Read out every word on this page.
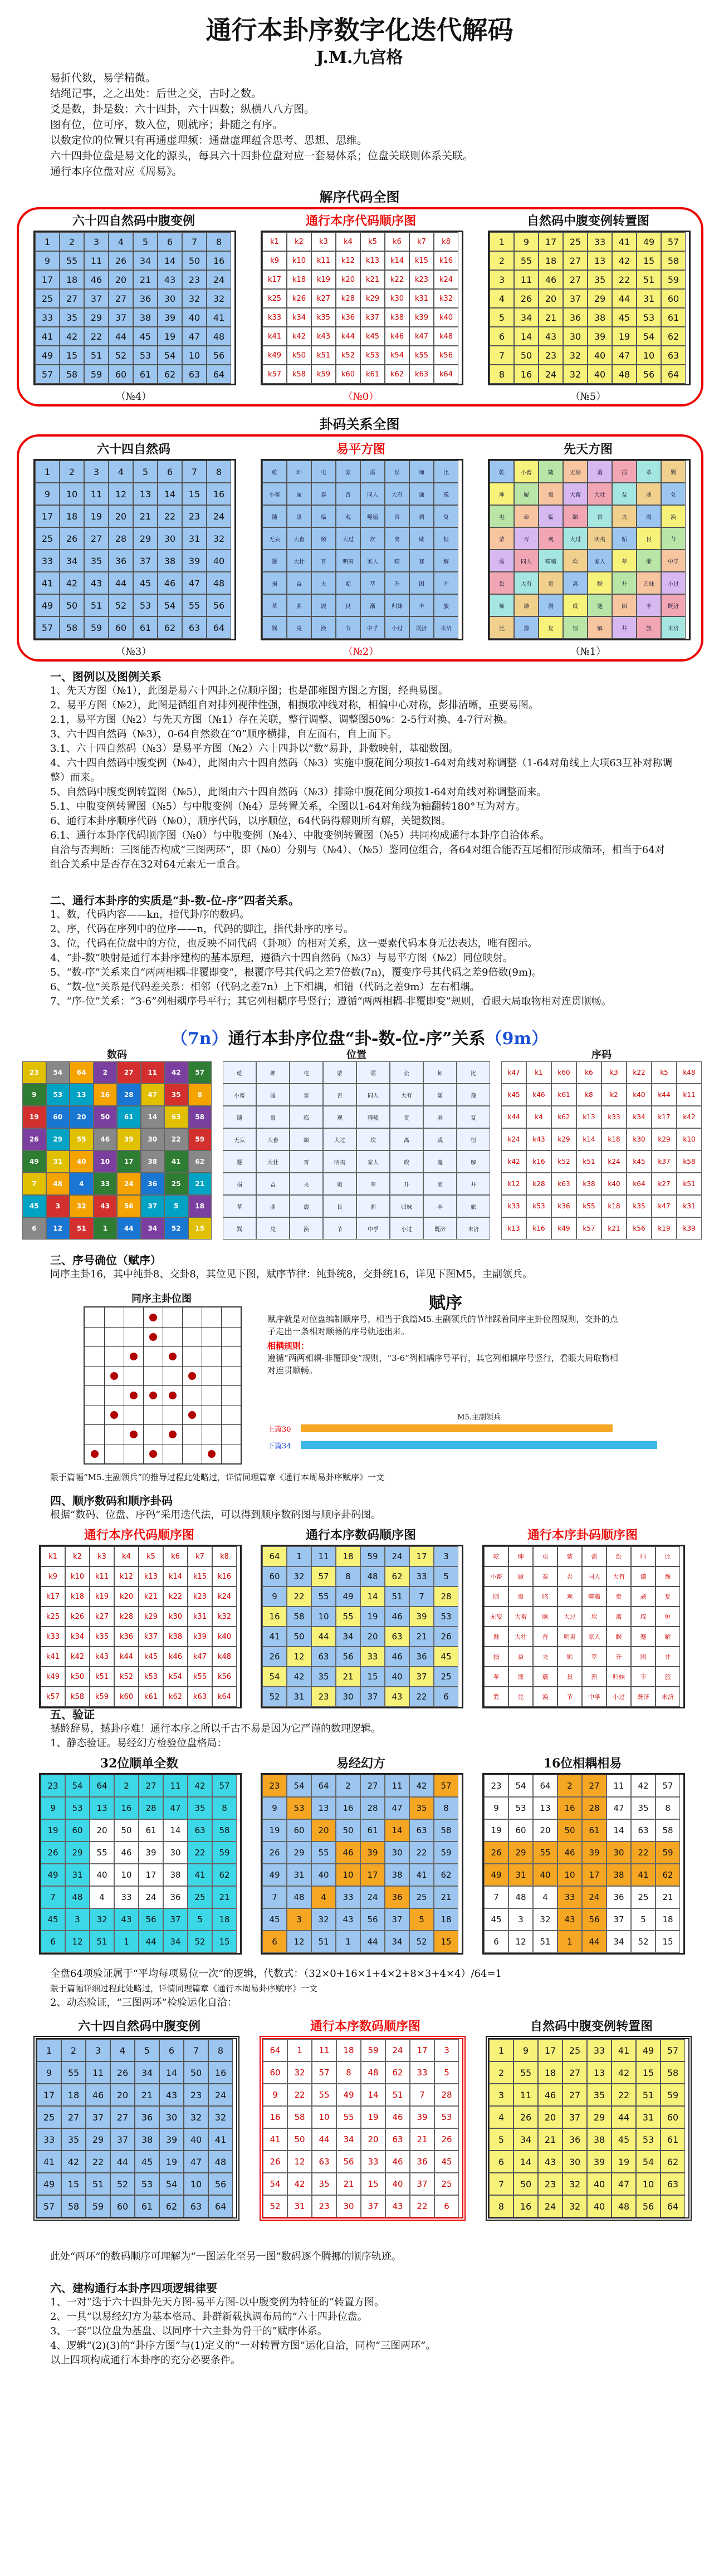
通行本卦序数字化迭代解码
J.M.九宫格

易折代数，易学精微。

结绳记事，之之出处：后世之交，古时之数。

爻是数，卦是数：六十四卦，六十四数；纵横八八方图。

图有位，位可序，数入位，则就序；卦随之有序。

以数定位的位置只有再通虚理频：通盘虚理蕴含思考、思想、思维。

六十四卦位盘是易文化的源头，每具六十四卦位盘对应一套易体系；位盘关联则体系关联。

通行本序位盘对应《周易》。

解序代码全图
六十四自然码中腹变例
1	2	3	4	5	6	7	8
9	55	11	26	34	14	50	16
17	18	46	20	21	43	23	24
25	27	37	27	36	30	32	32
33	35	29	37	38	39	40	41
41	42	22	44	45	19	47	48
49	15	51	52	53	54	10	56
57	58	59	60	61	62	63	64
（№4）
通行本序代码顺序图
k1	k2	k3	k4	k5	k6	k7	k8
k9	k10	k11	k12	k13	k14	k15	k16
k17	k18	k19	k20	k21	k22	k23	k24
k25	k26	k27	k28	k29	k30	k31	k32
k33	k34	k35	k36	k37	k38	k39	k40
k41	k42	k43	k44	k45	k46	k47	k48
k49	k50	k51	k52	k53	k54	k55	k56
k57	k58	k59	k60	k61	k62	k63	k64
（№0）
自然码中腹变例转置图
1	9	17	25	33	41	49	57
2	55	18	27	13	42	15	58
3	11	46	27	35	22	51	59
4	26	20	37	29	44	31	60
5	34	21	36	38	45	53	61
6	14	43	30	39	19	54	62
7	50	23	32	40	47	10	63
8	16	24	32	40	48	56	64
（№5）
卦码关系全图
六十四自然码
1	2	3	4	5	6	7	8
9	10	11	12	13	14	15	16
17	18	19	20	21	22	23	24
25	26	27	28	29	30	31	32
33	34	35	36	37	38	39	40
41	42	43	44	45	46	47	48
49	50	51	52	53	54	55	56
57	58	59	60	61	62	63	64
（№3）
易平方图
乾	坤	屯	蒙	需	讼	师	比
小畜	履	泰	否	同人	大有	谦	豫
随	蛊	临	观	噬嗑	贲	剥	复
无妄	大畜	颐	大过	坎	离	咸	恒
遯	大壮	晋	明夷	家人	睽	蹇	解
损	益	夬	姤	萃	升	困	井
革	鼎	震	艮	渐	归妹	丰	旅
巽	兑	涣	节	中孚	小过	既济	未济
（№2）
先天方图
乾	小畜	随	无妄	遯	损	革	巽
坤	履	蛊	大畜	大壮	益	鼎	兑
屯	泰	临	颐	晋	夬	震	涣
蒙	否	观	大过	明夷	姤	艮	节
需	同人	噬嗑	坎	家人	萃	渐	中孚
讼	大有	贲	离	睽	升	归妹	小过
师	谦	剥	咸	蹇	困	丰	既济
比	豫	复	恒	解	井	旅	未济
（№1）

一、图例以及图例关系

1、先天方图（№1），此图是易六十四卦之位顺序图；也是邵雍图方图之方图，经典易图。

2、易平方图（№2），此图是循组自对排列视律性强，相损歌冲线对称，相偏中心对称，彭排清晰，重要易图。

2.1，易平方图（№2）与先天方图（№1）存在关联，整行调整、调整图50%：2-5行对换、4-7行对换。

3、六十四自然码（№3），0-64自然数在“0”顺序横排，自左而右，自上而下。

3.1、六十四自然码（№3）是易平方图（№2）六十四卦以“数”易卦，卦数映射，基础数图。

4、六十四自然码中腹变例（№4），此图由六十四自然码（№3）实施中腹花间分项按1-64对角线对称调整（1-64对角线上大项63互补对称调整）而来。

5、自然码中腹变例转置图（№5），此图由六十四自然码（№3）排除中腹花间分项按1-64对角线对称调整而来。

5.1、中腹变例转置图（№5）与中腹变例（№4）是转置关系，全图以1-64对角线为轴翻转180°互为对方。

6、通行本卦序顺序代码（№0），顺序代码，以序顺位，64代码得解则所有解，关键数图。

6.1、通行本卦序代码顺序图（№0）与中腹变例（№4）、中腹变例转置图（№5）共同构成通行本卦序自洽体系。

自洽与否判断：三图能否构成“三图两环”，即（№0）分别与（№4）、（№5）鉴同位组合，各64对组合能否互尾相衔形成循环，相当于64对组合关系中是否存在32对64元素无一重合。

二、通行本卦序的实质是“卦-数-位-序”四者关系。

1、数，代码内容——kn，指代卦序的数码。

2、序，代码在序列中的位序——n，代码的脚注，指代卦序的序号。

3、位，代码在位盘中的方位，也反映不同代码（卦项）的相对关系，这一要素代码本身无法表达，唯有图示。

4、“卦-数”映射是通行本卦序建构的基本原理，遵循六十四自然码（№3）与易平方图（№2）同位映射。

5、“数-序”关系来自“两两相耦-非覆即变”，根覆序号其代码之差7倍数(7n)，覆变序号其代码之差9倍数(9m)。

6、“数-位”关系是代码差关系：相邻（代码之差7n）上下相耦，相错（代码之差9m）左右相耦。

7、“序-位”关系：“3-6”列相耦序号平行；其它列相耦序号竖行；遵循“两两相耦-非覆即变”规则，看眼大局取物相对连贯顺畅。

（7n）通行本卦序位盘“卦-数-位-序”关系（9m）
数码	位置	序码
23	54	64	2	27	11	42	57
9	53	13	16	28	47	35	8
19	60	20	50	61	14	63	58
26	29	55	46	39	30	22	59
49	31	40	10	17	38	41	62
7	48	4	33	24	36	25	21
45	3	32	43	56	37	5	18
6	12	51	1	44	34	52	15
乾	坤	屯	蒙	需	讼	师	比
小畜	履	泰	否	同人	大有	谦	豫
随	蛊	临	观	噬嗑	贲	剥	复
无妄	大畜	颐	大过	坎	离	咸	恒
遯	大壮	晋	明夷	家人	睽	蹇	解
损	益	夬	姤	萃	升	困	井
革	鼎	震	艮	渐	归妹	丰	旅
巽	兑	涣	节	中孚	小过	既济	未济
k47	k1	k60	k6	k3	k22	k5	k48
k45	k46	k61	k8	k2	k40	k44	k11
k44	k4	k62	k13	k33	k34	k17	k42
k24	k43	k29	k14	k18	k30	k29	k10
k42	k16	k52	k51	k24	k45	k37	k58
k12	k28	k63	k38	k40	k64	k27	k51
k33	k53	k36	k55	k18	k35	k47	k31
k13	k16	k49	k57	k21	k56	k19	k39

三、序号确位（赋序）

同序主卦16，其中纯卦8、交卦8，其位见下图，赋序节律：纯卦统8，交卦统16，详见下图M5，主副领兵。

同序主卦位图	赋序

赋序就是对位盘编制顺序号，相当于我篇M5.主副领兵的节律踩着同序主卦位图规则，交卦的点子走出一条相对顺畅的序号轨迹出来。

相耦规则：

遵循“两两相耦-非覆即变”规则，“3-6”列相耦序号平行，其它列相耦序号竖行，看眼大局取物相对连贯顺畅。

M5.主副领兵
上篇30
下篇34

限于篇幅“M5.主副领兵”的推导过程此处略过，详情同理篇章《通行本周易卦序赋序》一文

四、顺序数码和顺序卦码

根据“数码、位盘、序码”采用迭代法，可以得到顺序数码图与顺序卦码图。

通行本序代码顺序图
k1	k2	k3	k4	k5	k6	k7	k8
k9	k10	k11	k12	k13	k14	k15	k16
k17	k18	k19	k20	k21	k22	k23	k24
k25	k26	k27	k28	k29	k30	k31	k32
k33	k34	k35	k36	k37	k38	k39	k40
k41	k42	k43	k44	k45	k46	k47	k48
k49	k50	k51	k52	k53	k54	k55	k56
k57	k58	k59	k60	k61	k62	k63	k64
通行本序数码顺序图
64	1	11	18	59	24	17	3
60	32	57	8	48	62	33	5
9	22	55	49	14	51	7	28
16	58	10	55	19	46	39	53
41	50	44	34	20	63	21	26
26	12	63	56	33	46	36	45
54	42	35	21	15	40	37	25
52	31	23	30	37	43	22	6
通行本序卦码顺序图
乾	坤	屯	蒙	需	讼	师	比
小畜	履	泰	否	同人	大有	谦	豫
随	蛊	临	观	噬嗑	贲	剥	复
无妄	大畜	颐	大过	坎	离	咸	恒
遯	大壮	晋	明夷	家人	睽	蹇	解
损	益	夬	姤	萃	升	困	井
革	鼎	震	艮	渐	归妹	丰	旅
巽	兑	涣	节	中孚	小过	既济	未济

五、验证

撼龄辞易，撼卦序难！通行本序之所以千古不易是因为它严谨的数理逻辑。

1、静态验证。易经幻方检验位盘格局：

32位顺单全数
23	54	64	2	27	11	42	57
9	53	13	16	28	47	35	8
19	60	20	50	61	14	63	58
26	29	55	46	39	30	22	59
49	31	40	10	17	38	41	62
7	48	4	33	24	36	25	21
45	3	32	43	56	37	5	18
6	12	51	1	44	34	52	15
易经幻方
23	54	64	2	27	11	42	57
9	53	13	16	28	47	35	8
19	60	20	50	61	14	63	58
26	29	55	46	39	30	22	59
49	31	40	10	17	38	41	62
7	48	4	33	24	36	25	21
45	3	32	43	56	37	5	18
6	12	51	1	44	34	52	15
16位相耦相易
23	54	64	2	27	11	42	57
9	53	13	16	28	47	35	8
19	60	20	50	61	14	63	58
26	29	55	46	39	30	22	59
49	31	40	10	17	38	41	62
7	48	4	33	24	36	25	21
45	3	32	43	56	37	5	18
6	12	51	1	44	34	52	15

全盘64项验证属于“平均每项易位一次”的逻辑，代数式：（32×0+16×1+4×2+8×3+4×4）/64=1

限于篇幅详细过程此处略过，详情同理篇章《通行本周易卦序赋序》一文

2、动态验证，“三图两环”检验运化自洽：

六十四自然码中腹变例
1	2	3	4	5	6	7	8
9	55	11	26	34	14	50	16
17	18	46	20	21	43	23	24
25	27	37	27	36	30	32	32
33	35	29	37	38	39	40	41
41	42	22	44	45	19	47	48
49	15	51	52	53	54	10	56
57	58	59	60	61	62	63	64
通行本序数码顺序图
64	1	11	18	59	24	17	3
60	32	57	8	48	62	33	5
9	22	55	49	14	51	7	28
16	58	10	55	19	46	39	53
41	50	44	34	20	63	21	26
26	12	63	56	33	46	36	45
54	42	35	21	15	40	37	25
52	31	23	30	37	43	22	6
自然码中腹变例转置图
1	9	17	25	33	41	49	57
2	55	18	27	13	42	15	58
3	11	46	27	35	22	51	59
4	26	20	37	29	44	31	60
5	34	21	36	38	45	53	61
6	14	43	30	39	19	54	62
7	50	23	32	40	47	10	63
8	16	24	32	40	48	56	64

此处“两环”的数码顺序可理解为“一图运化至另一图”数码逐个腾挪的顺序轨迹。

六、建构通行本卦序四项逻辑律要

1、一对“迭于六十四卦先天方图-易平方图-以中腹变例为特征的”转置方图。

2、一具“以易经幻方为基本格局、卦群新载执调布局的”六十四卦位盘。

3、一套“以位盘为基盘、以同序十六主卦为骨干的”赋序体系。

4、逻辑“(2)(3)的“卦序方图”与(1)定义的“一对转置方图”运化自洽，同构“三图两环”。

以上四项构成通行本卦序的充分必要条件。
